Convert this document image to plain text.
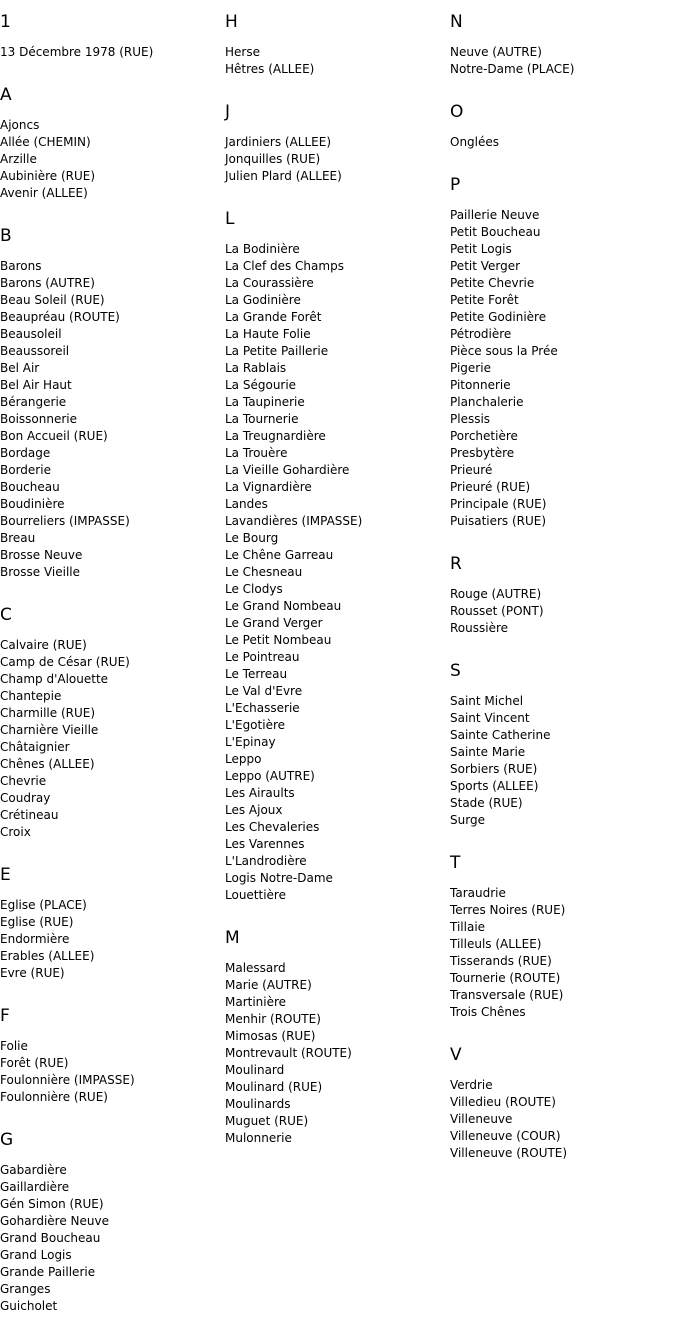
1
13 Décembre 1978 (RUE)
A
Ajoncs
Allée (CHEMIN)
Arzille
Aubinière (RUE)
Avenir (ALLEE)
B
Barons
Barons (AUTRE)
Beau Soleil (RUE)
Beaupréau (ROUTE)
Beausoleil
Beaussoreil
Bel Air
Bel Air Haut
Bérangerie
Boissonnerie
Bon Accueil (RUE)
Bordage
Borderie
Boucheau
Boudinière
Bourreliers (IMPASSE)
Breau
Brosse Neuve
Brosse Vieille
C
Calvaire (RUE)
Camp de César (RUE)
Champ d'Alouette
Chantepie
Charmille (RUE)
Charnière Vieille
Châtaignier
Chênes (ALLEE)
Chevrie
Coudray
Crétineau
Croix
E
Eglise (PLACE)
Eglise (RUE)
Endormière
Erables (ALLEE)
Evre (RUE)
F
Folie
Forêt (RUE)
Foulonnière (IMPASSE)
Foulonnière (RUE)
G
Gabardière
Gaillardière
Gén Simon (RUE)
Gohardière Neuve
Grand Boucheau
Grand Logis
Grande Paillerie
Granges
Guicholet
H
Herse
Hêtres (ALLEE)
J
Jardiniers (ALLEE)
Jonquilles (RUE)
Julien Plard (ALLEE)
L
La Bodinière
La Clef des Champs
La Courassière
La Godinière
La Grande Forêt
La Haute Folie
La Petite Paillerie
La Rablais
La Ségourie
La Taupinerie
La Tournerie
La Treugnardière
La Trouère
La Vieille Gohardière
La Vignardière
Landes
Lavandières (IMPASSE)
Le Bourg
Le Chêne Garreau
Le Chesneau
Le Clodys
Le Grand Nombeau
Le Grand Verger
Le Petit Nombeau
Le Pointreau
Le Terreau
Le Val d'Evre
L'Echasserie
L'Egotière
L'Epinay
Leppo
Leppo (AUTRE)
Les Airaults
Les Ajoux
Les Chevaleries
Les Varennes
L'Landrodière
Logis Notre-Dame
Louettière
M
Malessard
Marie (AUTRE)
Martinière
Menhir (ROUTE)
Mimosas (RUE)
Montrevault (ROUTE)
Moulinard
Moulinard (RUE)
Moulinards
Muguet (RUE)
Mulonnerie
N
Neuve (AUTRE)
Notre-Dame (PLACE)
O
Onglées
P
Paillerie Neuve
Petit Boucheau
Petit Logis
Petit Verger
Petite Chevrie
Petite Forêt
Petite Godinière
Pétrodière
Pièce sous la Prée
Pigerie
Pitonnerie
Planchalerie
Plessis
Porchetière
Presbytère
Prieuré
Prieuré (RUE)
Principale (RUE)
Puisatiers (RUE)
R
Rouge (AUTRE)
Rousset (PONT)
Roussière
S
Saint Michel
Saint Vincent
Sainte Catherine
Sainte Marie
Sorbiers (RUE)
Sports (ALLEE)
Stade (RUE)
Surge
T
Taraudrie
Terres Noires (RUE)
Tillaie
Tilleuls (ALLEE)
Tisserands (RUE)
Tournerie (ROUTE)
Transversale (RUE)
Trois Chênes
V
Verdrie
Villedieu (ROUTE)
Villeneuve
Villeneuve (COUR)
Villeneuve (ROUTE)
